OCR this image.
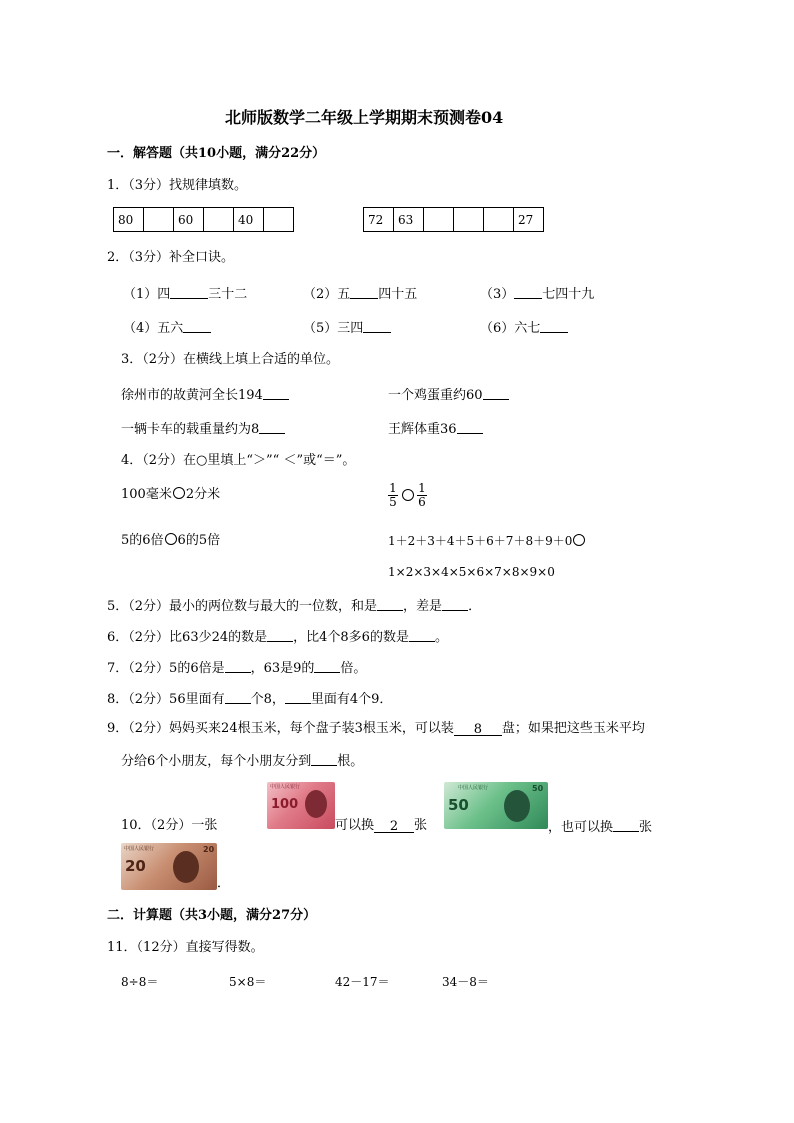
北师版数学二年级上学期期末预测卷04
一．解答题（共10小题，满分22分）
1．（3分）找规律填数。
80		60		40		72	63				27
2．（3分）补全口诀。
（1）四	三十二	（2）五 四十五	（3） 七四十九
（4）五六	（5）三四	（6）六七
3．（2分）在横线上填上合适的单位。
徐州市的故黄河全长194	一个鸡蛋重约60
一辆卡车的载重量约为8	王辉体重36
4．（2分）在○里填上“＞”“ ＜”或“＝”。
100毫米 2分米	1
5
1
6
5的6倍 6的5倍	1＋2＋3＋4＋5＋6＋7＋8＋9＋0
1×2×3×4×5×6×7×8×9×0
5．（2分）最小的两位数与最大的一位数，和是 ，差是 ．
6．（2分）比63少24的数是 ，比4个8多6的数是 。
7．（2分）5的6倍是 ，63是9的 倍。
8．（2分）56里面有 个8， 里面有4个9．
9．（2分）妈妈买来24根玉米，每个盘子装3根玉米，可以装 8 盘；如果把这些玉米平均
分给6个小朋友，每个小朋友分到 根。
10．（2分）一张
中国人民银行
100
可以换 2 张
中国人民银行
50
50
，也可以换 张
中国人民银行
20
20
．
二．计算题（共3小题，满分27分）
11．（12分）直接写得数。
8÷8＝	5×8＝	42－17＝	34－8＝
